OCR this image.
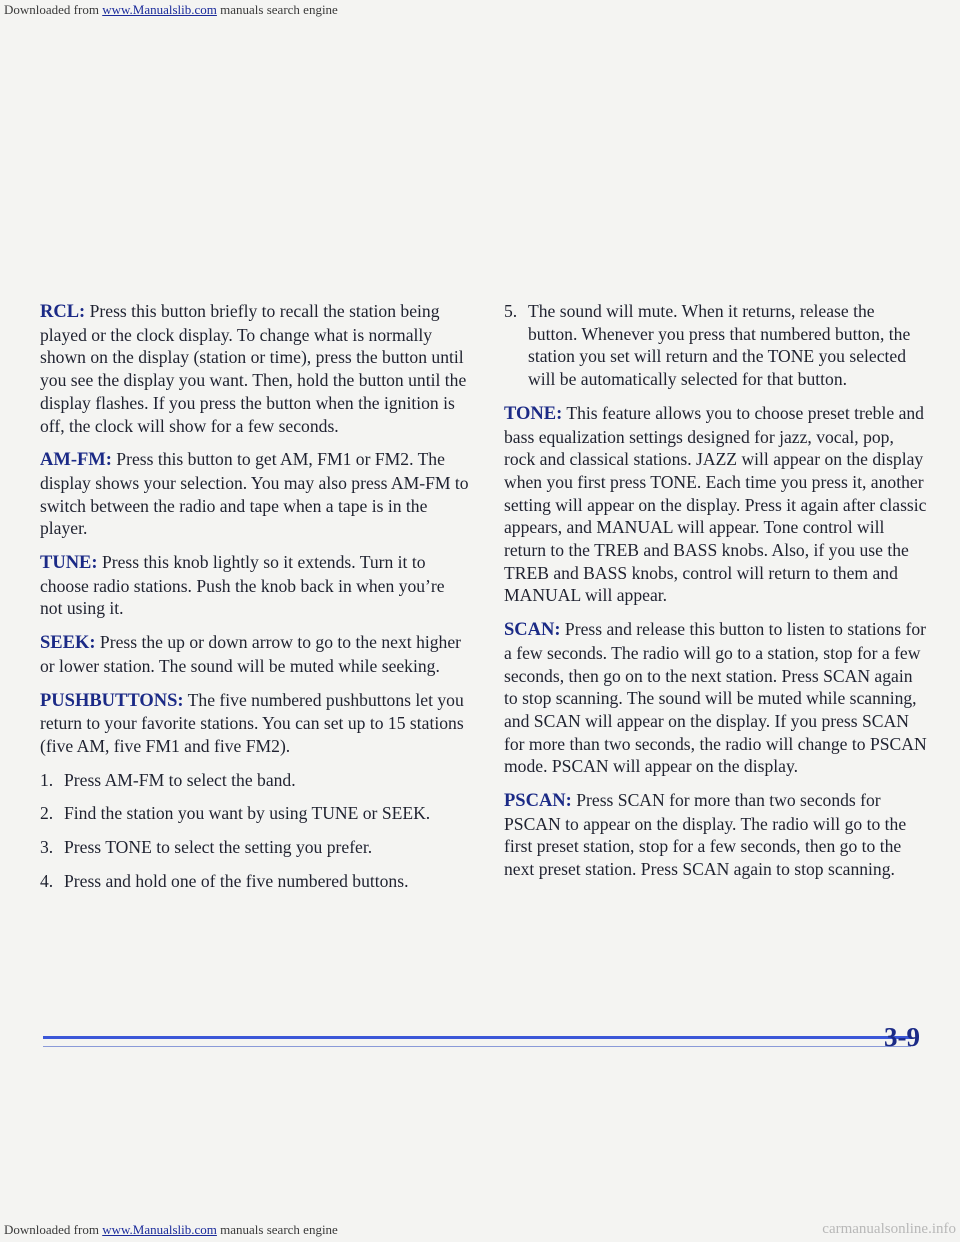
Downloaded from www.Manualslib.com manuals search engine

RCL: Press this button briefly to recall the station being played or the clock display. To change what is normally shown on the display (station or time), press the button until you see the display you want. Then, hold the button until the display flashes. If you press the button when the ignition is off, the clock will show for a few seconds.

AM-FM: Press this button to get AM, FM1 or FM2. The display shows your selection. You may also press AM-FM to switch between the radio and tape when a tape is in the player.

TUNE: Press this knob lightly so it extends. Turn it to choose radio stations. Push the knob back in when you’re not using it.

SEEK: Press the up or down arrow to go to the next higher or lower station. The sound will be muted while seeking.

PUSHBUTTONS: The five numbered pushbuttons let you return to your favorite stations. You can set up to 15 stations (five AM, five FM1 and five FM2).

1. Press AM-FM to select the band.
2. Find the station you want by using TUNE or SEEK.
3. Press TONE to select the setting you prefer.
4. Press and hold one of the five numbered buttons.
5. The sound will mute. When it returns, release the button. Whenever you press that numbered button, the station you set will return and the TONE you selected will be automatically selected for that button.

TONE: This feature allows you to choose preset treble and bass equalization settings designed for jazz, vocal, pop, rock and classical stations. JAZZ will appear on the display when you first press TONE. Each time you press it, another setting will appear on the display. Press it again after classic appears, and MANUAL will appear. Tone control will return to the TREB and BASS knobs. Also, if you use the TREB and BASS knobs, control will return to them and MANUAL will appear.

SCAN: Press and release this button to listen to stations for a few seconds. The radio will go to a station, stop for a few seconds, then go on to the next station. Press SCAN again to stop scanning. The sound will be muted while scanning, and SCAN will appear on the display. If you press SCAN for more than two seconds, the radio will change to PSCAN mode. PSCAN will appear on the display.

PSCAN: Press SCAN for more than two seconds for PSCAN to appear on the display. The radio will go to the first preset station, stop for a few seconds, then go to the next preset station. Press SCAN again to stop scanning.

3-9
Downloaded from www.Manualslib.com manuals search engine	carmanualsonline.info
